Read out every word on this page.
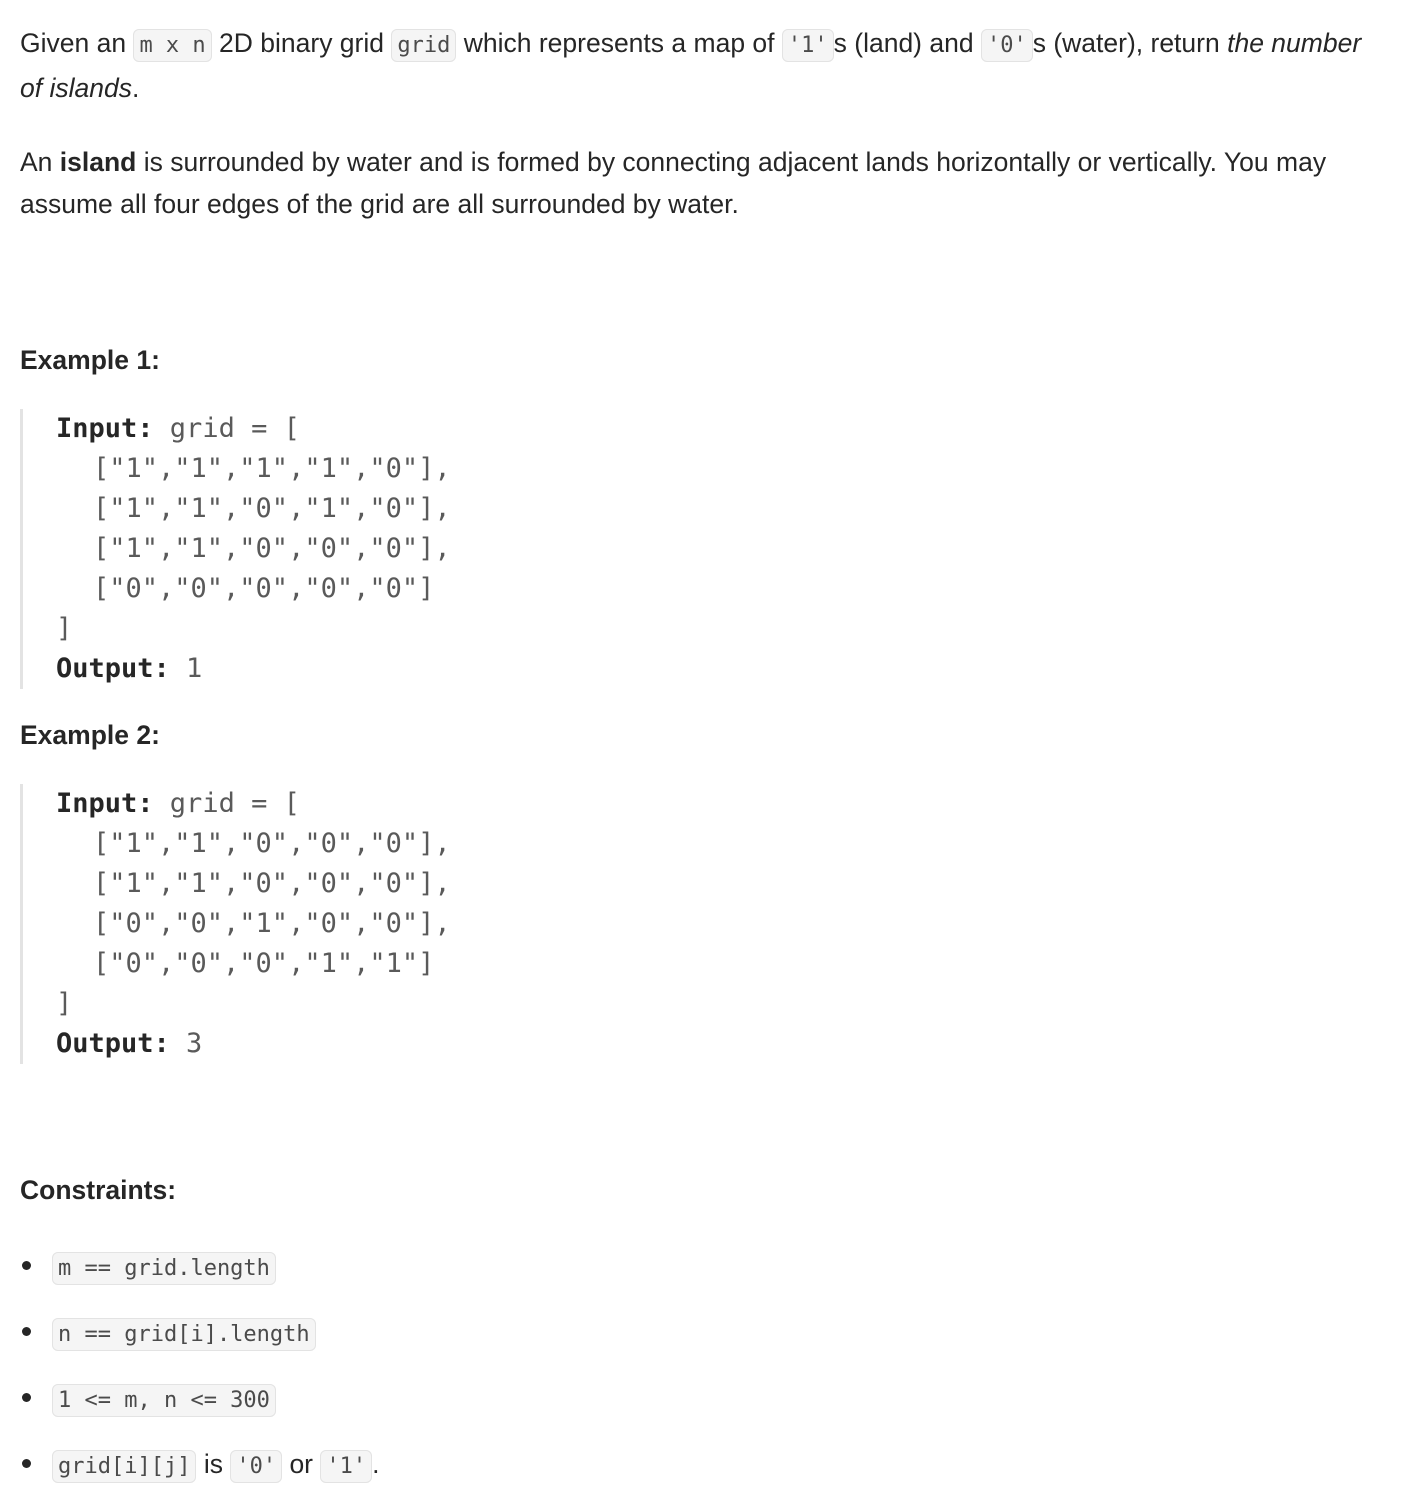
Given an m x n 2D binary grid grid which represents a map of '1' s (land) and '0' s (water), return the number of islands.

An island is surrounded by water and is formed by connecting adjacent lands horizontally or vertically. You may assume all four edges of the grid are all surrounded by water.

Example 1:
Input: grid = [
["1","1","1","1","0"],
["1","1","0","1","0"],
["1","1","0","0","0"],
["0","0","0","0","0"]
]
Output: 1
Example 2:
Input: grid = [
["1","1","0","0","0"],
["1","1","0","0","0"],
["0","0","1","0","0"],
["0","0","0","1","1"]
]
Output: 3
Constraints:
m == grid.length
n == grid[i].length
1 <= m, n <= 300
grid[i][j] is '0' or '1' .
